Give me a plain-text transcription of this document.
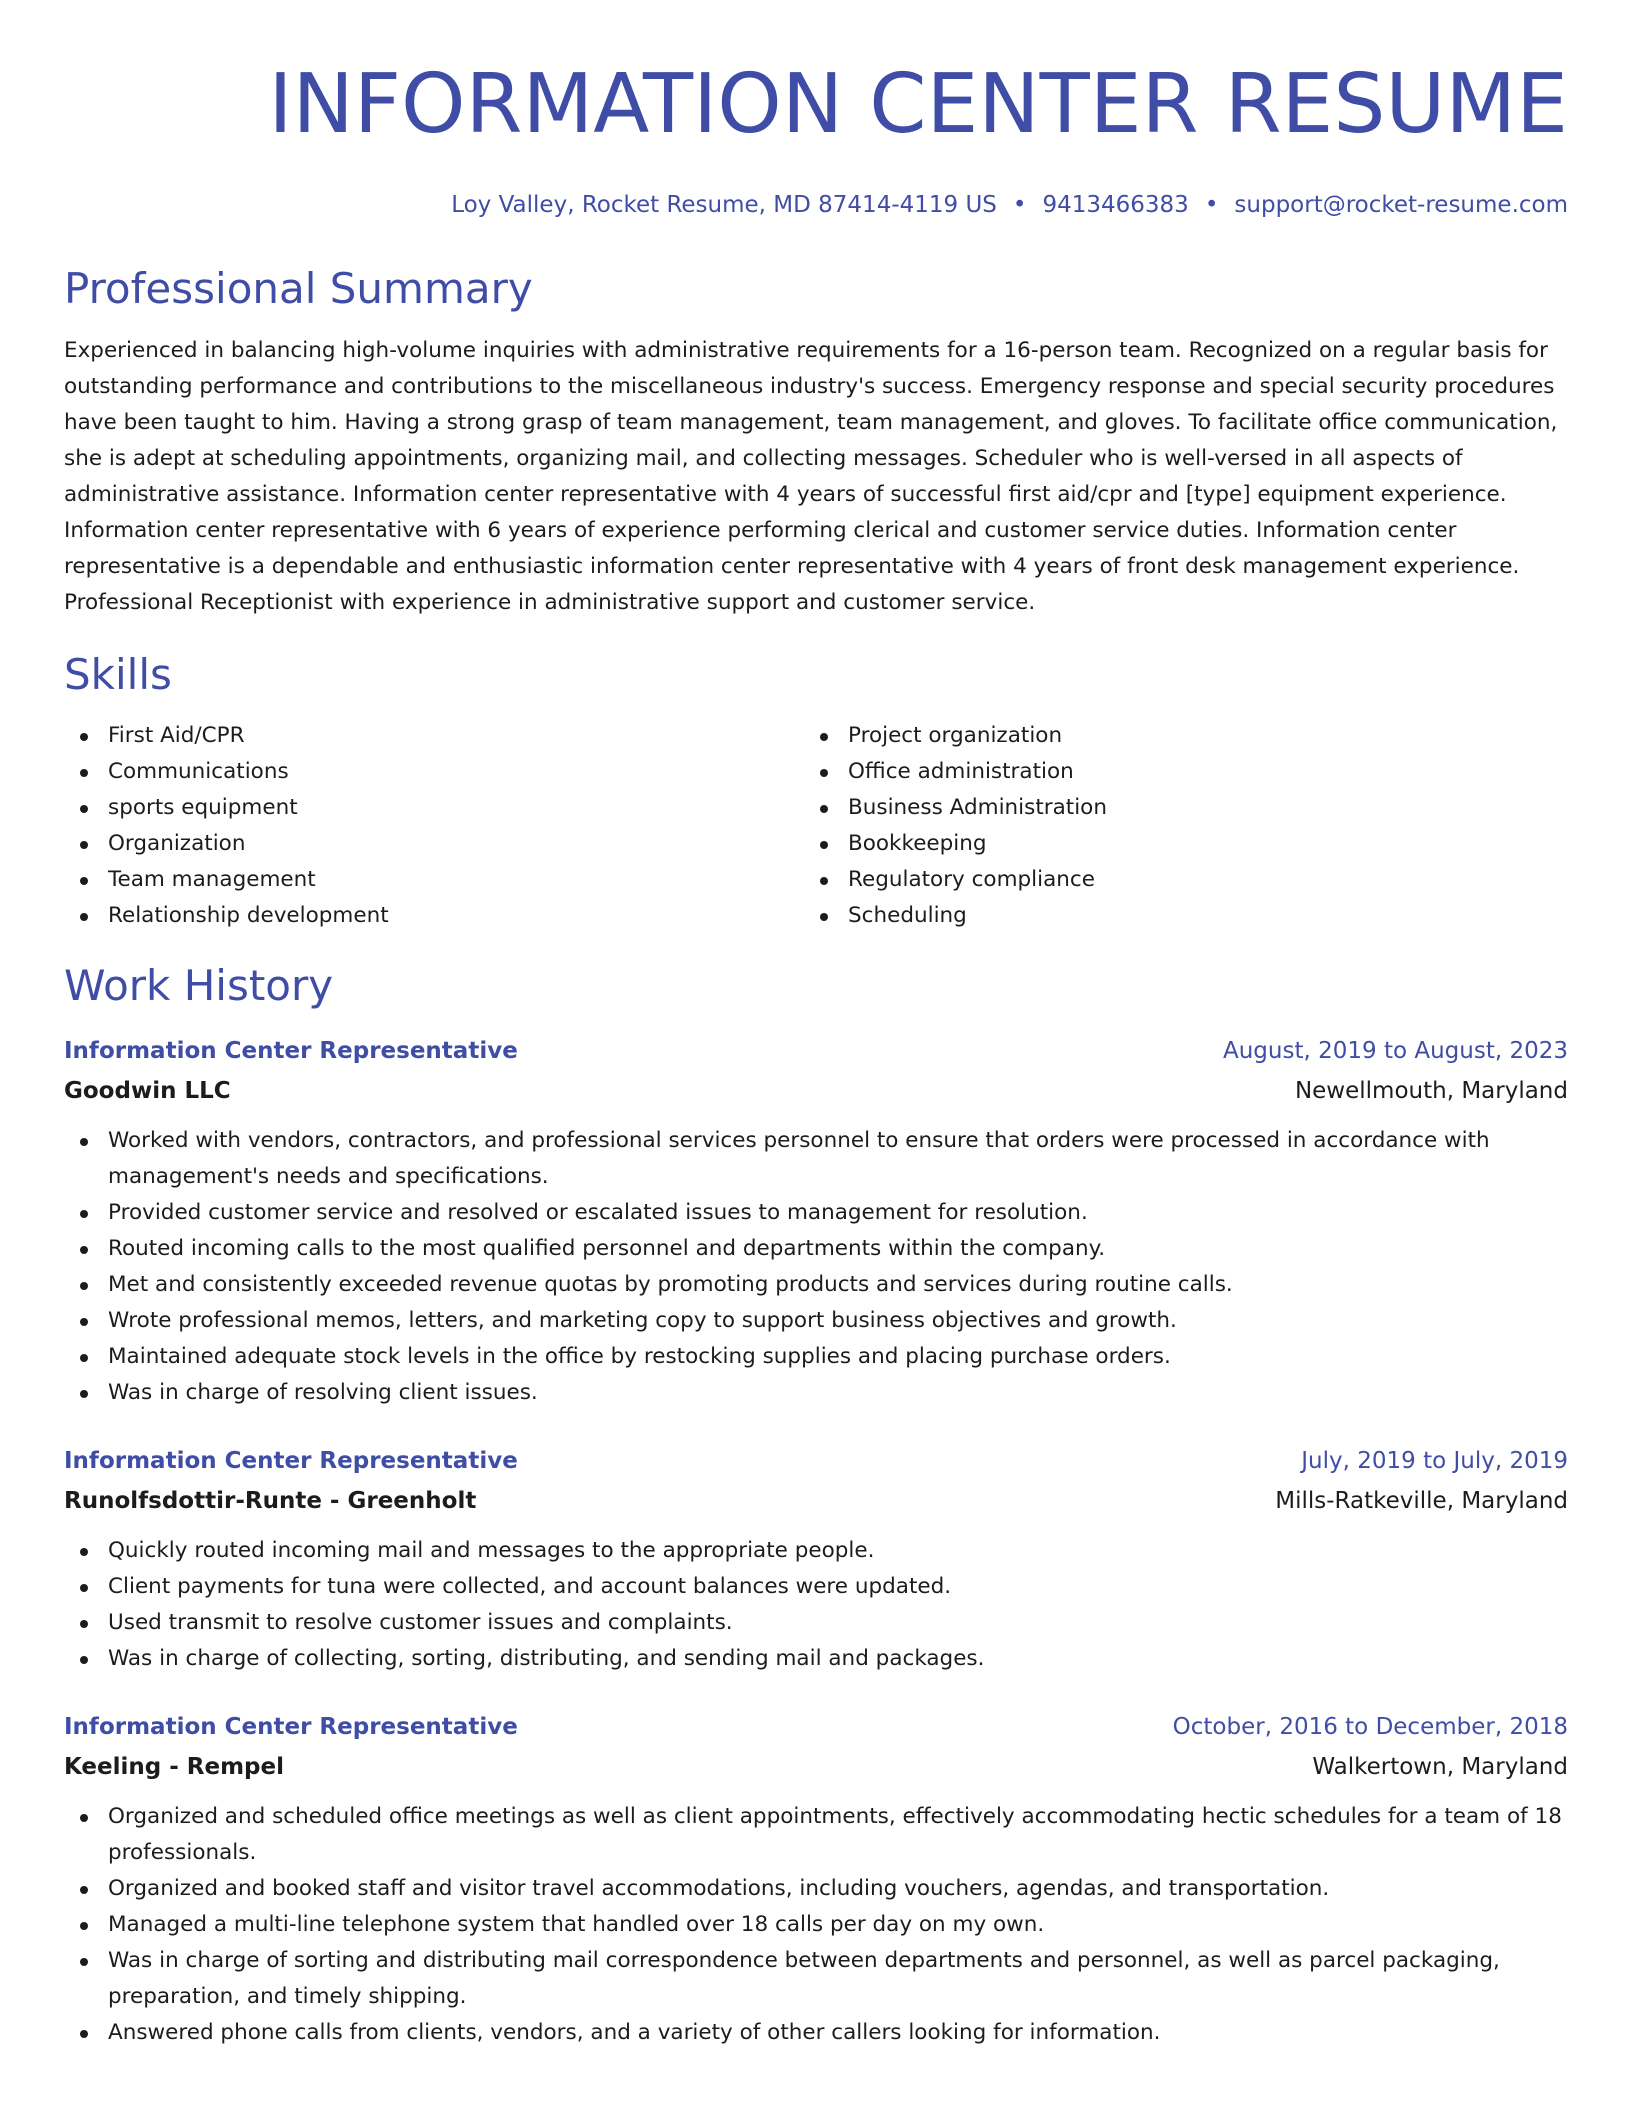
INFORMATION CENTER RESUME
Loy Valley, Rocket Resume, MD 87414-4119 US • 9413466383 • support@rocket-resume.com
Professional Summary
Experienced in balancing high-volume inquiries with administrative requirements for a 16-person team. Recognized on a regular basis for outstanding performance and contributions to the miscellaneous industry's success. Emergency response and special security procedures have been taught to him. Having a strong grasp of team management, team management, and gloves. To facilitate office communication, she is adept at scheduling appointments, organizing mail, and collecting messages. Scheduler who is well-versed in all aspects of administrative assistance. Information center representative with 4 years of successful first aid/cpr and [type] equipment experience. Information center representative with 6 years of experience performing clerical and customer service duties. Information center representative is a dependable and enthusiastic information center representative with 4 years of front desk management experience. Professional Receptionist with experience in administrative support and customer service.
Skills
First Aid/CPR
Communications
sports equipment
Organization
Team management
Relationship development
Project organization
Office administration
Business Administration
Bookkeeping
Regulatory compliance
Scheduling
Work History
Information Center Representative	August, 2019 to August, 2023
Goodwin LLC	Newellmouth, Maryland
Worked with vendors, contractors, and professional services personnel to ensure that orders were processed in accordance with management's needs and specifications.
Provided customer service and resolved or escalated issues to management for resolution.
Routed incoming calls to the most qualified personnel and departments within the company.
Met and consistently exceeded revenue quotas by promoting products and services during routine calls.
Wrote professional memos, letters, and marketing copy to support business objectives and growth.
Maintained adequate stock levels in the office by restocking supplies and placing purchase orders.
Was in charge of resolving client issues.
Information Center Representative	July, 2019 to July, 2019
Runolfsdottir-Runte - Greenholt	Mills-Ratkeville, Maryland
Quickly routed incoming mail and messages to the appropriate people.
Client payments for tuna were collected, and account balances were updated.
Used transmit to resolve customer issues and complaints.
Was in charge of collecting, sorting, distributing, and sending mail and packages.
Information Center Representative	October, 2016 to December, 2018
Keeling - Rempel	Walkertown, Maryland
Organized and scheduled office meetings as well as client appointments, effectively accommodating hectic schedules for a team of 18 professionals.
Organized and booked staff and visitor travel accommodations, including vouchers, agendas, and transportation.
Managed a multi-line telephone system that handled over 18 calls per day on my own.
Was in charge of sorting and distributing mail correspondence between departments and personnel, as well as parcel packaging, preparation, and timely shipping.
Answered phone calls from clients, vendors, and a variety of other callers looking for information.
